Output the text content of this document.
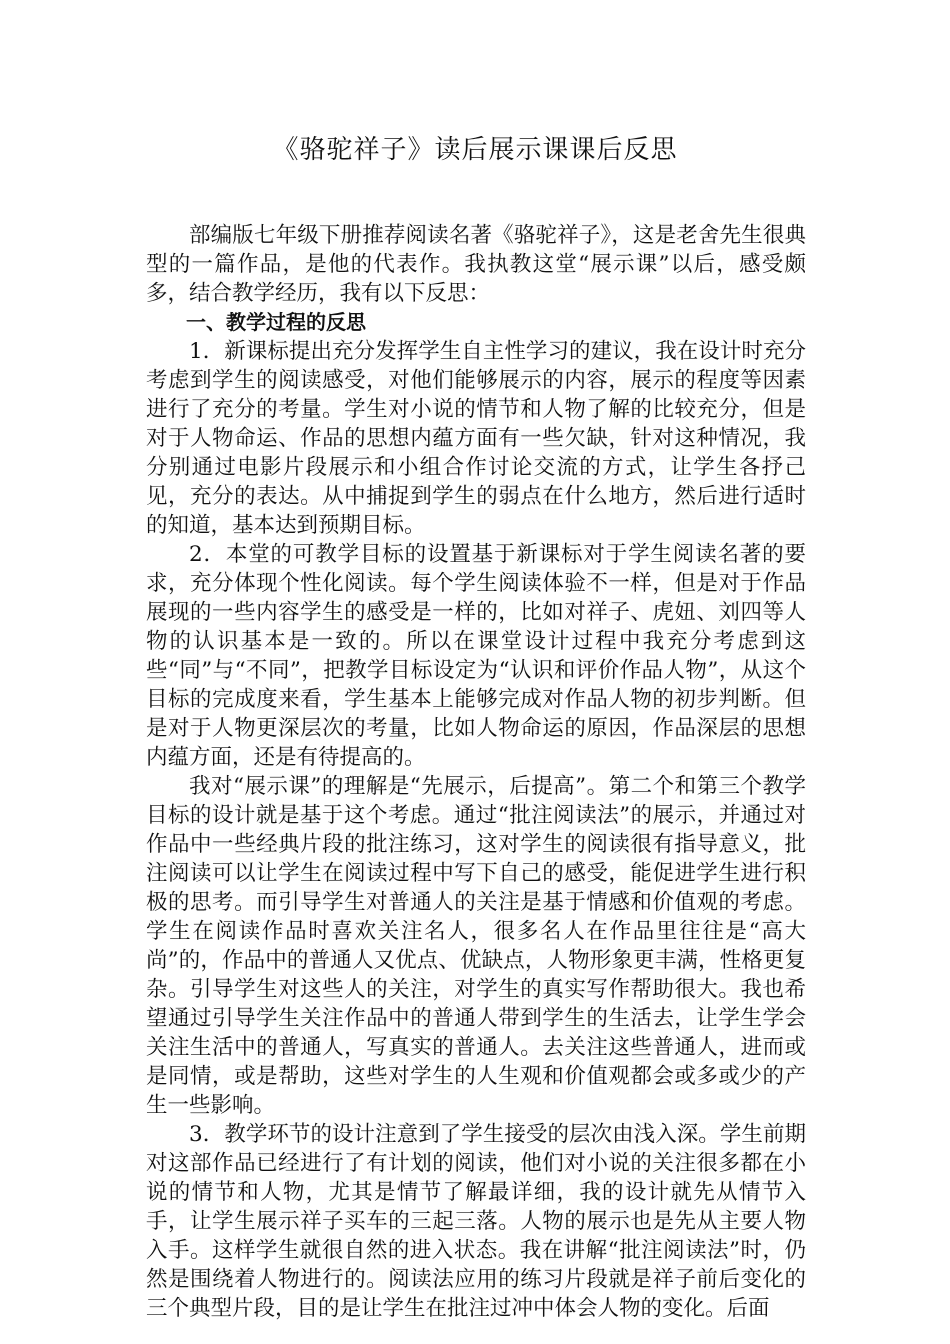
《骆驼祥子》读后展示课课后反思

部编版七年级下册推荐阅读名著《骆驼祥子》，这是老舍先生很典型的一篇作品，是他的代表作。我执教这堂“展示课”以后，感受颇多，结合教学经历，我有以下反思：

一、教学过程的反思

1．新课标提出充分发挥学生自主性学习的建议，我在设计时充分考虑到学生的阅读感受，对他们能够展示的内容，展示的程度等因素进行了充分的考量。学生对小说的情节和人物了解的比较充分，但是对于人物命运、作品的思想内蕴方面有一些欠缺，针对这种情况，我分别通过电影片段展示和小组合作讨论交流的方式，让学生各抒己见，充分的表达。从中捕捉到学生的弱点在什么地方，然后进行适时的知道，基本达到预期目标。

2．本堂的可教学目标的设置基于新课标对于学生阅读名著的要求，充分体现个性化阅读。每个学生阅读体验不一样，但是对于作品展现的一些内容学生的感受是一样的，比如对祥子、虎妞、刘四等人物的认识基本是一致的。所以在课堂设计过程中我充分考虑到这些“同”与“不同”，把教学目标设定为“认识和评价作品人物”，从这个目标的完成度来看，学生基本上能够完成对作品人物的初步判断。但是对于人物更深层次的考量，比如人物命运的原因，作品深层的思想内蕴方面，还是有待提高的。

我对“展示课”的理解是“先展示，后提高”。第二个和第三个教学目标的设计就是基于这个考虑。通过“批注阅读法”的展示，并通过对作品中一些经典片段的批注练习，这对学生的阅读很有指导意义，批注阅读可以让学生在阅读过程中写下自己的感受，能促进学生进行积极的思考。而引导学生对普通人的关注是基于情感和价值观的考虑。学生在阅读作品时喜欢关注名人，很多名人在作品里往往是“高大尚”的，作品中的普通人又优点、优缺点，人物形象更丰满，性格更复杂。引导学生对这些人的关注，对学生的真实写作帮助很大。我也希望通过引导学生关注作品中的普通人带到学生的生活去，让学生学会关注生活中的普通人，写真实的普通人。去关注这些普通人，进而或是同情，或是帮助，这些对学生的人生观和价值观都会或多或少的产生一些影响。

3．教学环节的设计注意到了学生接受的层次由浅入深。学生前期对这部作品已经进行了有计划的阅读，他们对小说的关注很多都在小说的情节和人物，尤其是情节了解最详细，我的设计就先从情节入手，让学生展示祥子买车的三起三落。人物的展示也是先从主要人物入手。这样学生就很自然的进入状态。我在讲解“批注阅读法”时，仍然是围绕着人物进行的。阅读法应用的练习片段就是祥子前后变化的三个典型片段，目的是让学生在批注过冲中体会人物的变化。后面
